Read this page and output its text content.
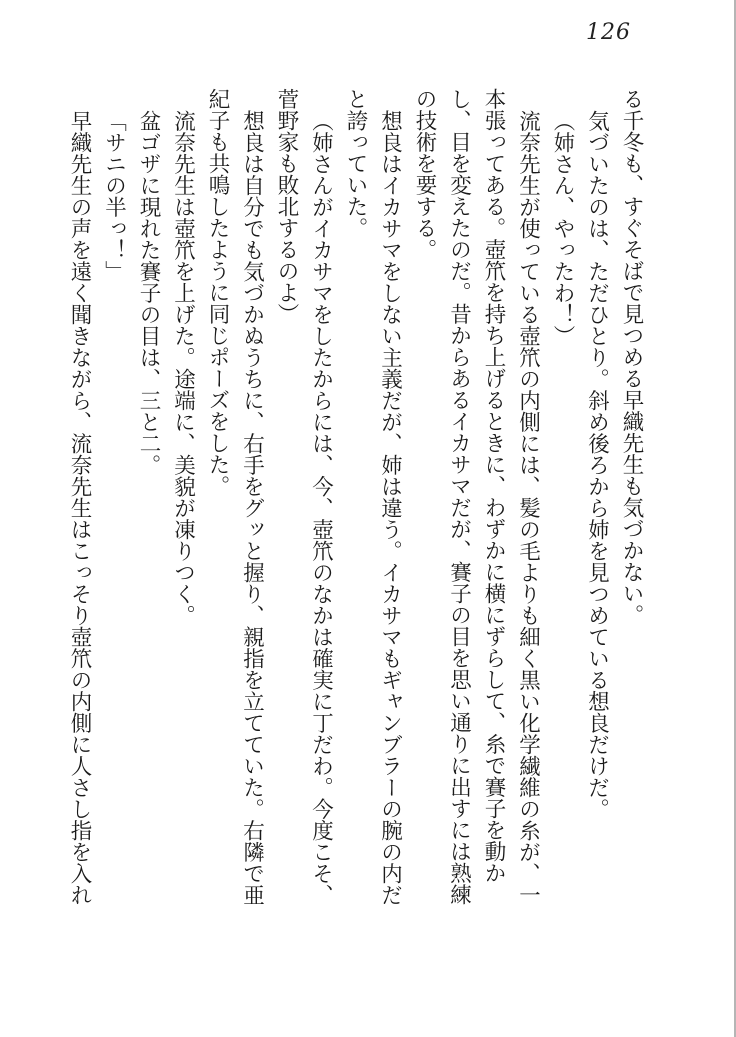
126

る千冬も、すぐそばで見つめる早織先生も気づかない。

気づいたのは、ただひとり。斜め後ろから姉を見つめている想良だけだ。

（姉さん、やったわ！）

流奈先生が使っている壺笊の内側には、髪の毛よりも細く黒い化学繊維の糸が、一本張ってある。壺笊を持ち上げるときに、わずかに横にずらして、糸で賽子を動かし、目を変えたのだ。昔からあるイカサマだが、賽子の目を思い通りに出すには熟練の技術を要する。

想良はイカサマをしない主義だが、姉は違う。イカサマもギャンブラーの腕の内だと誇っていた。

（姉さんがイカサマをしたからには、今、壺笊のなかは確実に丁だわ。今度こそ、菅野家も敗北するのよ）

想良は自分でも気づかぬうちに、右手をグッと握り、親指を立てていた。右隣で亜紀子も共鳴したように同じポーズをした。

流奈先生は壺笊を上げた。途端に、美貌が凍りつく。

盆ゴザに現れた賽子の目は、三と二。

「サニの半っ！」

早織先生の声を遠く聞きながら、流奈先生はこっそり壺笊の内側に人さし指を入れ
